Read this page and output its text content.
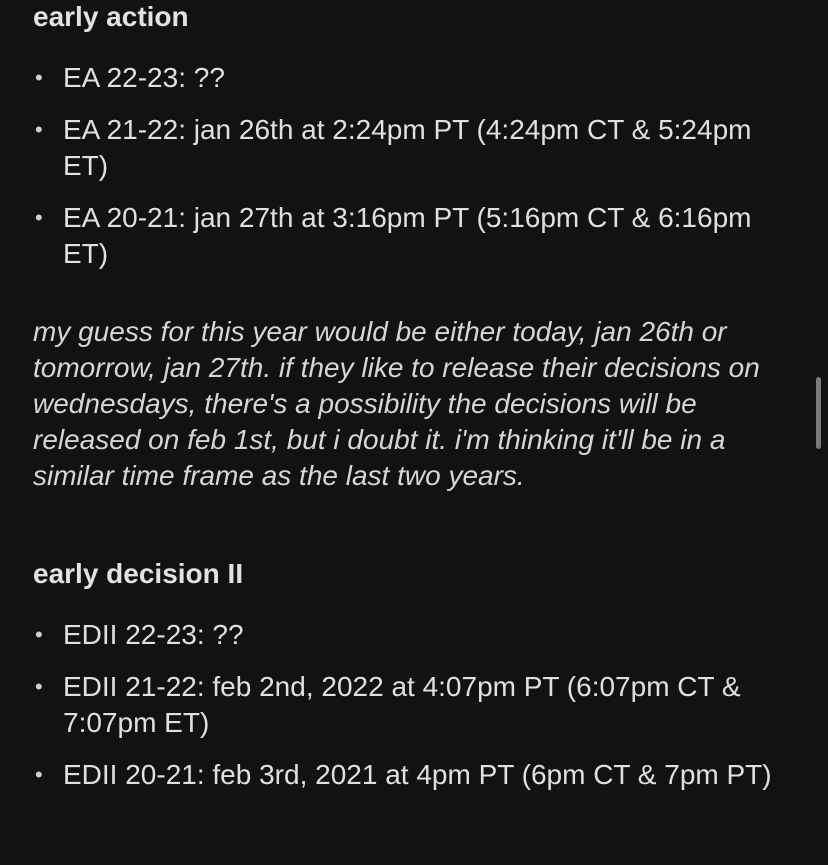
early action
• EA 22-23: ??
• EA 21-22: jan 26th at 2:24pm PT (4:24pm CT & 5:24pm ET)
• EA 20-21: jan 27th at 3:16pm PT (5:16pm CT & 6:16pm ET)

my guess for this year would be either today, jan 26th or tomorrow, jan 27th. if they like to release their decisions on wednesdays, there's a possibility the decisions will be released on feb 1st, but i doubt it. i'm thinking it'll be in a similar time frame as the last two years.

early decision II
• EDII 22-23: ??
• EDII 21-22: feb 2nd, 2022 at 4:07pm PT (6:07pm CT & 7:07pm ET)
• EDII 20-21: feb 3rd, 2021 at 4pm PT (6pm CT & 7pm PT)
